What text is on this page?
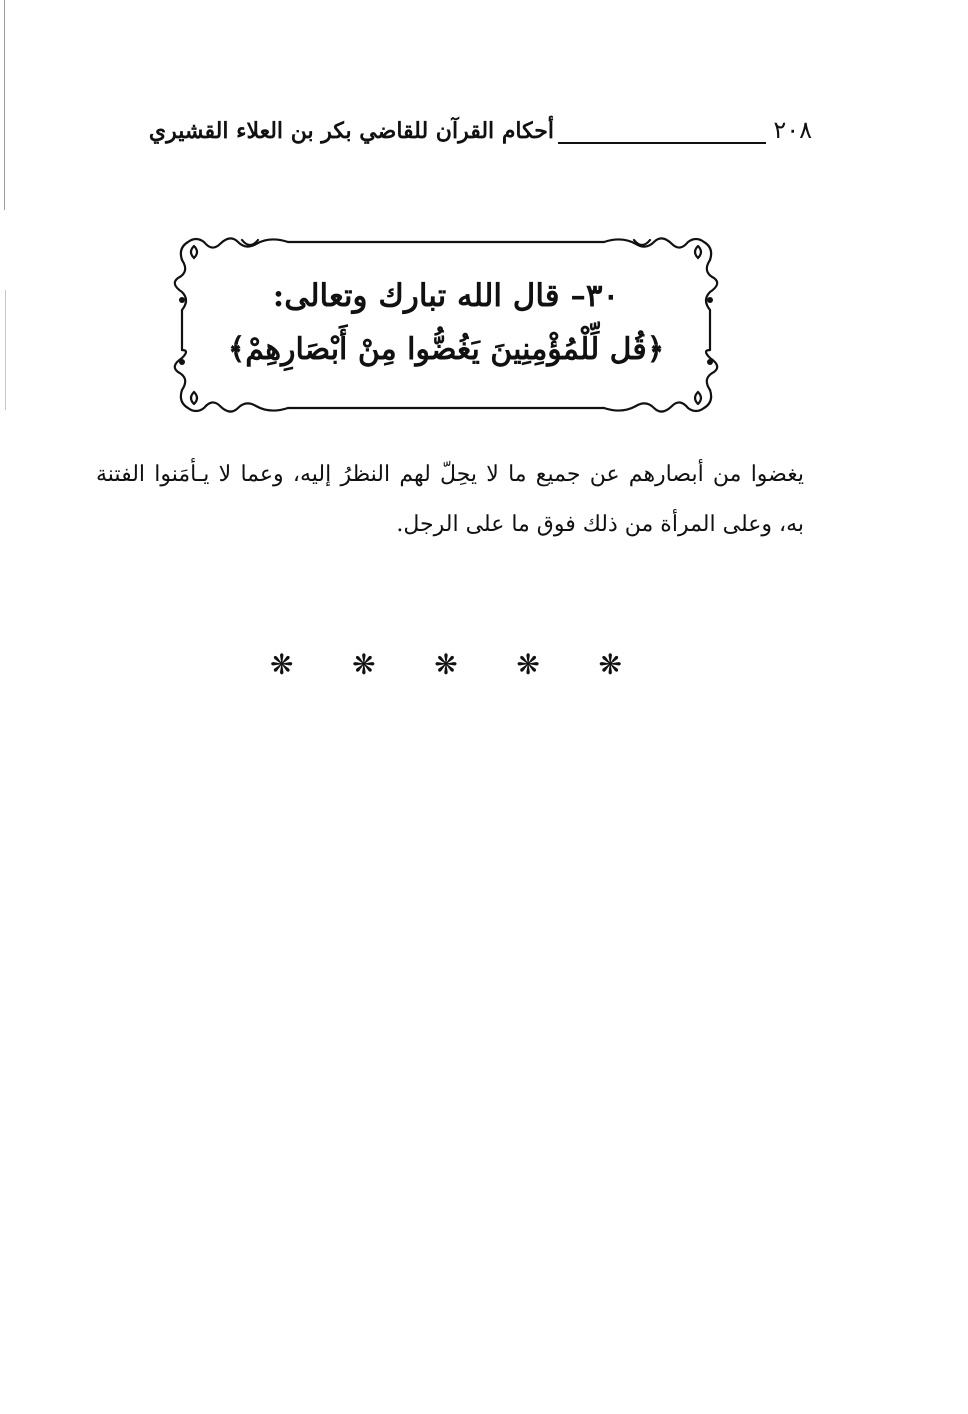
٢٠٨
أحكام القرآن للقاضي بكر بن العلاء القشيري
٣٠– قال الله تبارك وتعالى:
﴿قُل لِّلْمُؤْمِنِينَ يَغُضُّوا مِنْ أَبْصَارِهِمْ﴾
يغضوا من أبصارهم عن جميع ما لا يحِلّ لهم النظرُ إليه، وعما لا يـأمَنوا الفتنة به، وعلى المرأة من ذلك فوق ما على الرجل.
❋
❋
❋
❋
❋
